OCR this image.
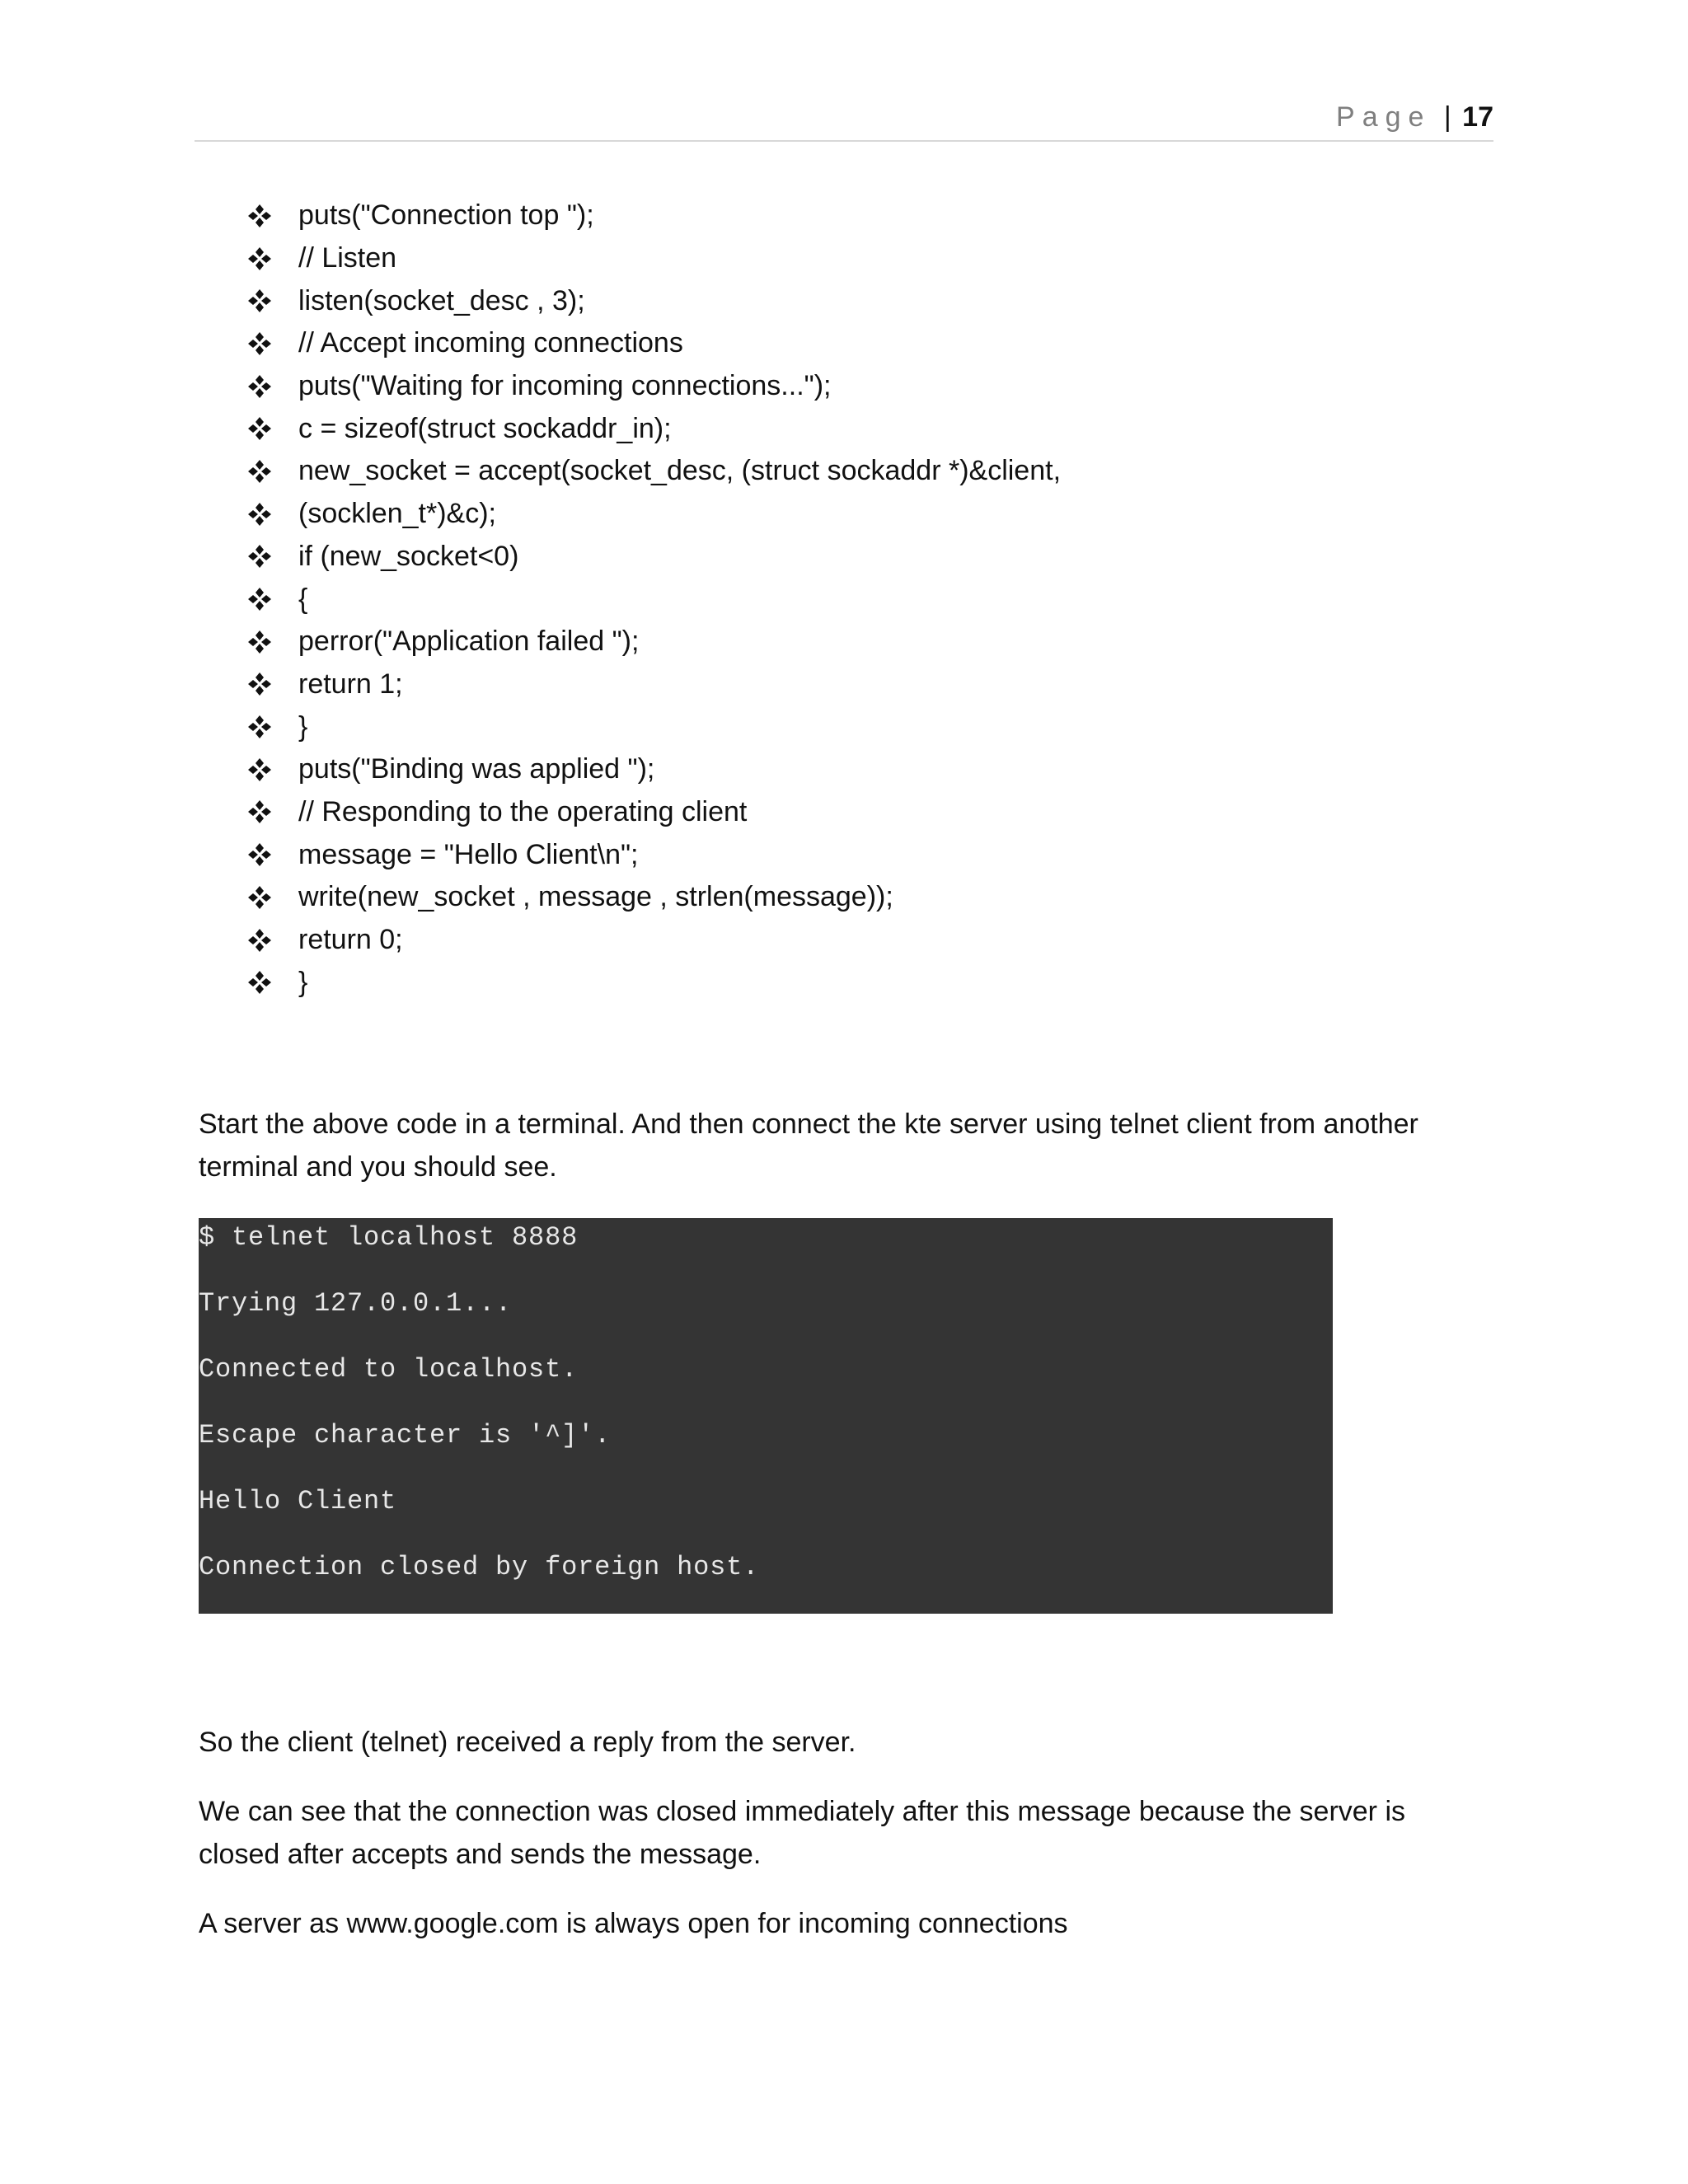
Page | 17
puts("Connection top ");
// Listen
listen(socket_desc , 3);
// Accept incoming connections
puts("Waiting for incoming connections...");
c = sizeof(struct sockaddr_in);
new_socket = accept(socket_desc, (struct sockaddr *)&client,
(socklen_t*)&c);
if (new_socket<0)
{
perror("Application failed ");
return 1;
}
puts("Binding was applied ");
// Responding to the operating client
message = "Hello Client\n";
write(new_socket , message , strlen(message));
return 0;
}

Start the above code in a terminal. And then connect the kte server using telnet client from another terminal and you should see.

$ telnet localhost 8888
Trying 127.0.0.1...
Connected to localhost.
Escape character is '^]'.
Hello Client
Connection closed by foreign host.

So the client (telnet) received a reply from the server.

We can see that the connection was closed immediately after this message because the server is closed after accepts and sends the message.

A server as www.google.com is always open for incoming connections
